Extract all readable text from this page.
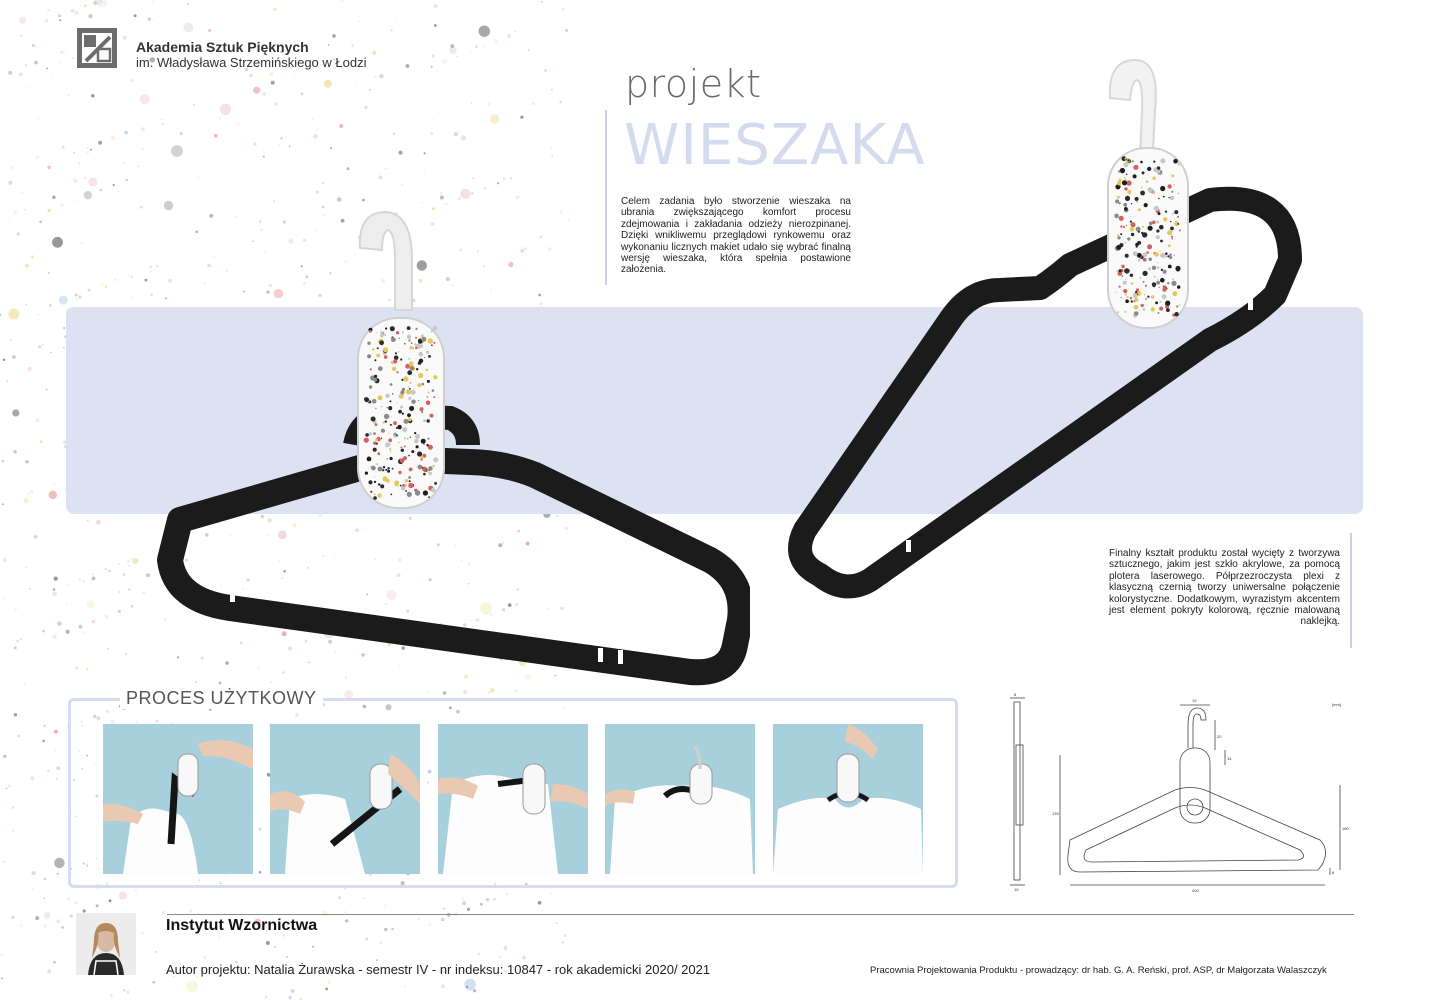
Akademia Sztuk Pięknych
im. Władysława Strzemińskiego w Łodzi	projekt
WIESZAKA
Celem zadania było stworzenie wieszaka na ubrania zwiększającego komfort procesu zdejmowania i zakładania odzieży nierozpinanej. Dzięki wnikliwemu przeglądowi rynkowemu oraz wykonaniu licznych makiet udało się wybrać finalną wersję wieszaka, która spełnia postawione założenia.
Finalny kształt produktu został wycięty z tworzywa sztucznego, jakim jest szkło akrylowe, za pomocą plotera laserowego. Półprzezroczysta plexi z klasyczną czernią tworzy uniwersalne połączenie kolorystyczne. Dodatkowym, wyrazistym akcentem jest element pokryty kolorową, ręcznie malowaną naklejką.
PROCES UŻYTKOWY	[mm]
8
10
19
20
139
160
400
14
8
Instytut Wzornictwa
Autor projektu: Natalia Żurawska - semestr IV - nr indeksu: 10847 - rok akademicki 2020/ 2021	Pracownia Projektowania Produktu - prowadzący: dr hab. G. A. Reński, prof. ASP, dr Małgorzata Walaszczyk
